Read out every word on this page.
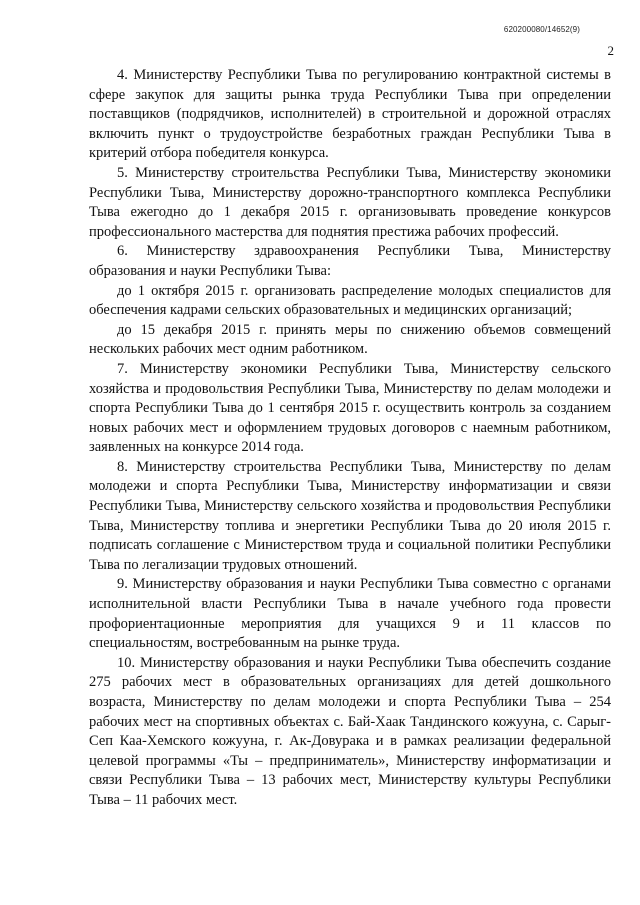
620200080/14652(9)
2

4. Министерству Республики Тыва по регулированию контрактной системы в сфере закупок для защиты рынка труда Республики Тыва при определении поставщиков (подрядчиков, исполнителей) в строительной и дорожной отраслях включить пункт о трудоустройстве безработных граждан Республики Тыва в критерий отбора победителя конкурса.

5. Министерству строительства Республики Тыва, Министерству экономики Республики Тыва, Министерству дорожно-транспортного комплекса Республики Тыва ежегодно до 1 декабря 2015 г. организовывать проведение конкурсов профессионального мастерства для поднятия престижа рабочих профессий.

6. Министерству здравоохранения Республики Тыва, Министерству образования и науки Республики Тыва:

до 1 октября 2015 г. организовать распределение молодых специалистов для обеспечения кадрами сельских образовательных и медицинских организаций;

до 15 декабря 2015 г. принять меры по снижению объемов совмещений нескольких рабочих мест одним работником.

7. Министерству экономики Республики Тыва, Министерству сельского хозяйства и продовольствия Республики Тыва, Министерству по делам молодежи и спорта Республики Тыва до 1 сентября 2015 г. осуществить контроль за созданием новых рабочих мест и оформлением трудовых договоров с наемным работником, заявленных на конкурсе 2014 года.

8. Министерству строительства Республики Тыва, Министерству по делам молодежи и спорта Республики Тыва, Министерству информатизации и связи Республики Тыва, Министерству сельского хозяйства и продовольствия Республики Тыва, Министерству топлива и энергетики Республики Тыва до 20 июля 2015 г. подписать соглашение с Министерством труда и социальной политики Республики Тыва по легализации трудовых отношений.

9. Министерству образования и науки Республики Тыва совместно с органами исполнительной власти Республики Тыва в начале учебного года провести профориентационные мероприятия для учащихся 9 и 11 классов по специальностям, востребованным на рынке труда.

10. Министерству образования и науки Республики Тыва обеспечить создание 275 рабочих мест в образовательных организациях для детей дошкольного возраста, Министерству по делам молодежи и спорта Республики Тыва – 254 рабочих мест на спортивных объектах с. Бай-Хаак Тандинского кожууна, с. Сарыг-Сеп Каа-Хемского кожууна, г. Ак-Довурака и в рамках реализации федеральной целевой программы «Ты – предприниматель», Министерству информатизации и связи Республики Тыва – 13 рабочих мест, Министерству культуры Республики Тыва – 11 рабочих мест.
